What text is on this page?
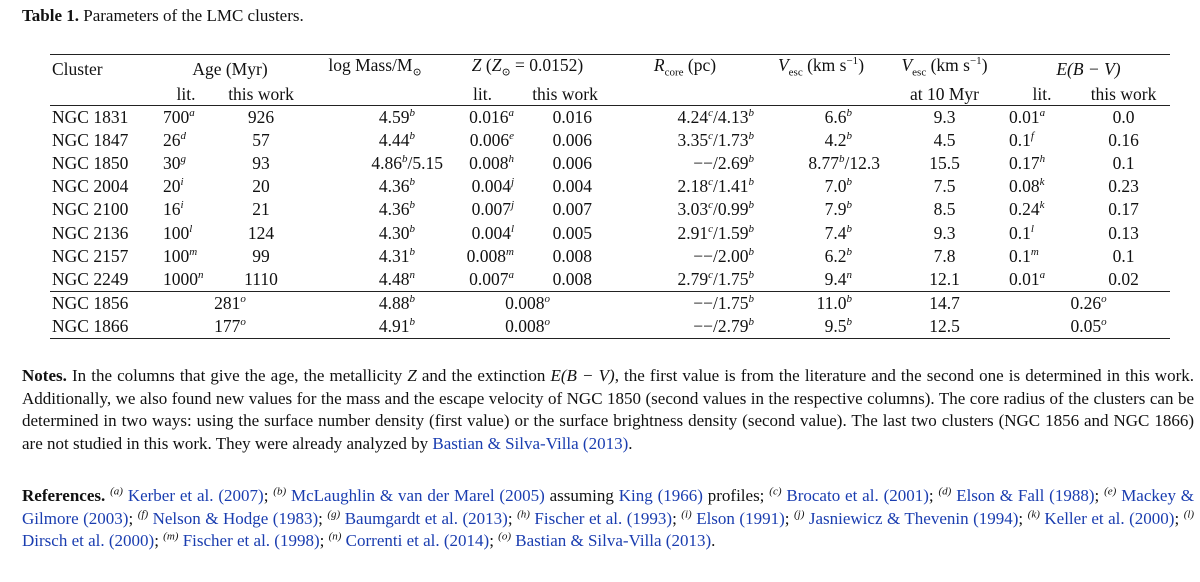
Table 1. Parameters of the LMC clusters.
Cluster	Age (Myr)		log Mass/$M_⊙$	Z $(Z_⊙ = 0.0152)$		$R_{core}$ (pc)	$V_{esc}$ (km $s^{-1}$)	$V_{esc}$ (km $s^{-1}$)	E(B − V)	
	lit.	this work		lit.	this work			at 10 Myr	lit.	this work
NGC 1831	700$^a$	926	4.59$^b$	0.016$^a$	0.016	4.24$^c$/4.13$^b$	6.6$^b$	9.3	0.01$^a$	0.0
NGC 1847	26$^d$	57	4.44$^b$	0.006e	0.006	3.35$^c$/1.73$^b$	4.2$^b$	4.5	0.1$^f$	0.16
NGC 1850	30$^g$	93	4.86$^b$/5.15	0.008$^h$	0.006	−−/2.69$^b$	8.77$^b$/12.3	15.5	0.17$^h$	0.1
NGC 2004	20$^i$	20	4.36$^b$	0.004$^j$	0.004	2.18$^c$/1.41$^b$	7.0$^b$	7.5	0.08$^k$	0.23
NGC 2100	16$^i$	21	4.36$^b$	0.007$^j$	0.007	3.03$^c$/0.99$^b$	7.9$^b$	8.5	0.24$^k$	0.17
NGC 2136	100$^l$	124	4.30$^b$	0.004$^l$	0.005	2.91$^c$/1.59$^b$	7.4$^b$	9.3	0.1$^l$	0.13
NGC 2157	100$^m$	99	4.31$^b$	0.008$^m$	0.008	−−/2.00$^b$	6.2$^b$	7.8	0.1$^m$	0.1
NGC 2249	1000$^n$	1110	4.48$^n$	0.007$^a$	0.008	2.79$^c$/1.75$^b$	9.4$^n$	12.1	0.01$^a$	0.02
NGC 1856	281$^o$		4.88$^b$	0.008$^o$		−−/1.75$^b$	11.0$^b$	14.7	0.26$^o$
NGC 1866	177$^o$		4.91$^b$	0.008$^o$		−−/2.79$^b$	9.5$^b$	12.5	0.05$^o$
Notes. In the columns that give the age, the metallicity Z and the extinction E(B − V), the first value is from the literature and the second one is determined in this work. Additionally, we also found new values for the mass and the escape velocity of NGC 1850 (second values in the respective columns). The core radius of the clusters can be determined in two ways: using the surface number density (first value) or the surface brightness density (second value). The last two clusters (NGC 1856 and NGC 1866) are not studied in this work. They were already analyzed by Bastian & Silva-Villa (2013).
References. $^{(a)}$ Kerber et al. (2007); $^{(b)}$ McLaughlin & van der Marel (2005) assuming King (1966) profiles; $^{(c)}$ Brocato et al. (2001); $^{(d)}$ Elson & Fall (1988); $^{(e)}$ Mackey & Gilmore (2003); $^{(f)}$ Nelson & Hodge (1983); $^{(g)}$ Baumgardt et al. (2013); $^{(h)}$ Fischer et al. (1993); $^{(i)}$ Elson (1991); $^{(j)}$ Jasniewicz & Thevenin (1994); $^{(k)}$ Keller et al. (2000); $^{(l)}$ Dirsch et al. (2000); $^{(m)}$ Fischer et al. (1998); $^{(n)}$ Correnti et al. (2014); $^{(o)}$ Bastian & Silva-Villa (2013).
